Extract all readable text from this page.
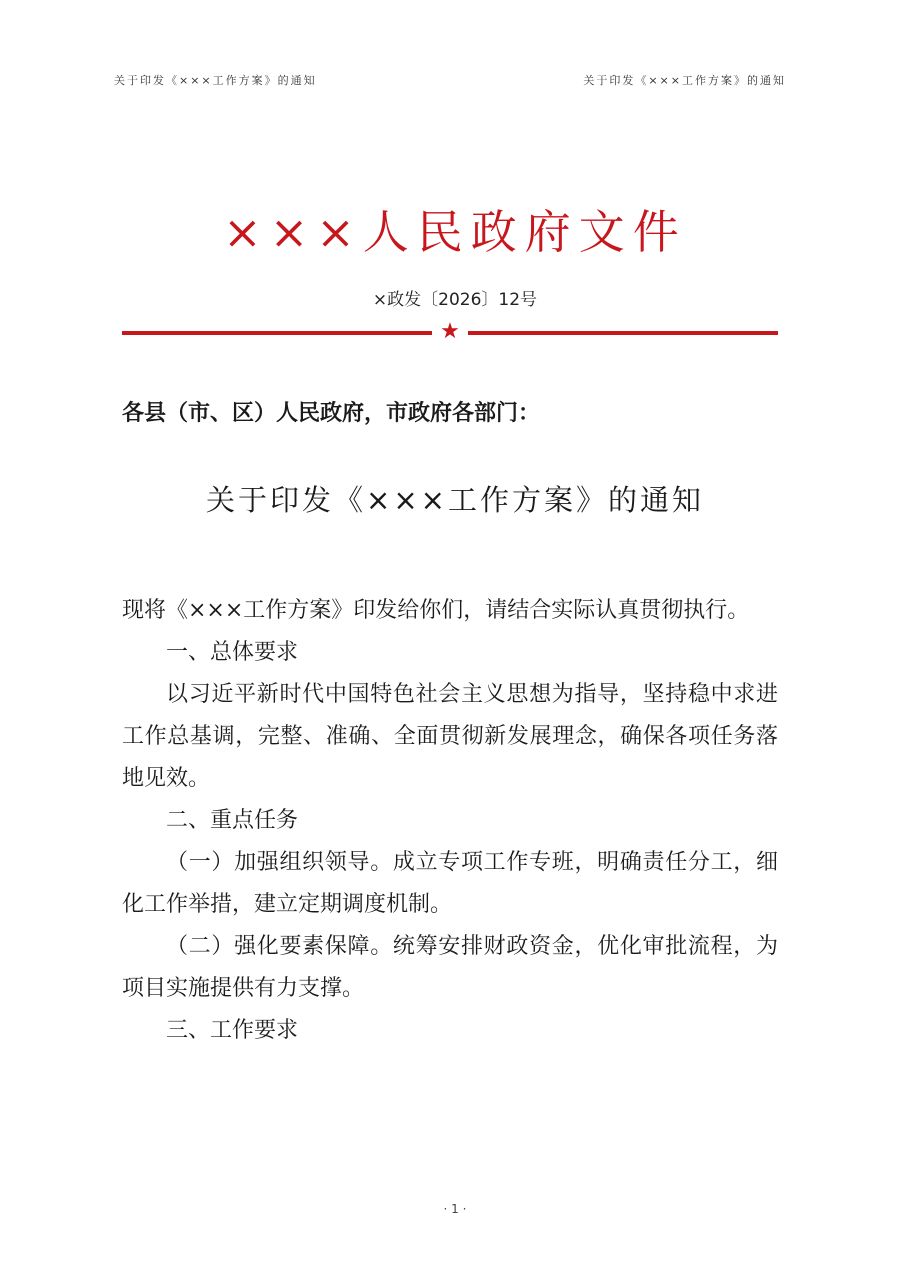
关于印发《×××工作方案》的通知	关于印发《×××工作方案》的通知
×××人民政府文件
×政发〔2026〕12号
★
各县（市、区）人民政府，市政府各部门：
关于印发《×××工作方案》的通知

现将《×××工作方案》印发给你们，请结合实际认真贯彻执行。

一、总体要求

以习近平新时代中国特色社会主义思想为指导，坚持稳中求进工作总基调，完整、准确、全面贯彻新发展理念，确保各项任务落地见效。

二、重点任务

（一）加强组织领导。成立专项工作专班，明确责任分工，细化工作举措，建立定期调度机制。

（二）强化要素保障。统筹安排财政资金，优化审批流程，为项目实施提供有力支撑。

三、工作要求

· 1 ·
